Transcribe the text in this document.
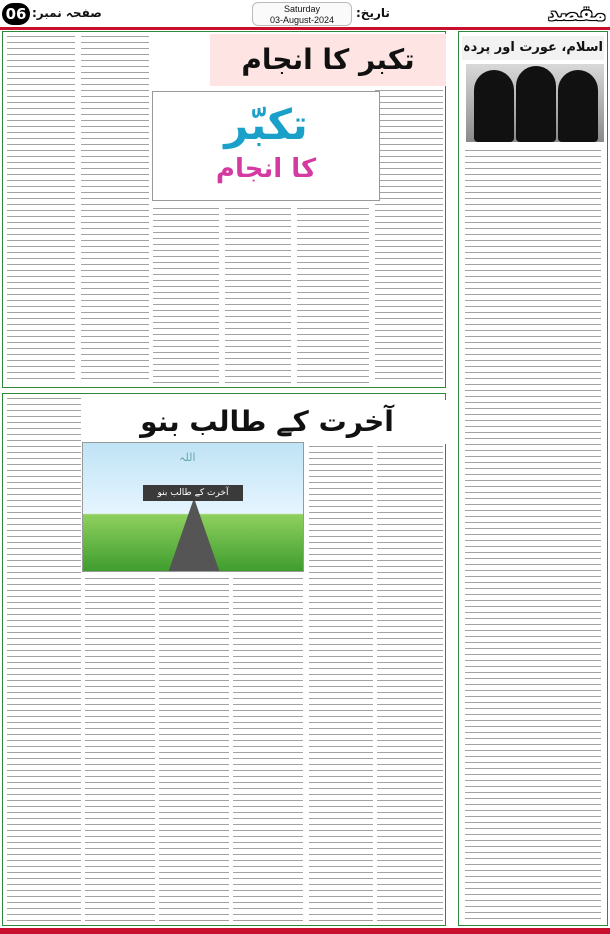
06 صفحہ نمبر:	Saturday
03-August-2024	تاریخ:	مقصد
تکبر کا انجام
تکبّر
کا انجام
اسلام، عورت اور پردہ
آخرت کے طالب بنو
اللہ
آخرت کے طالب بنو
